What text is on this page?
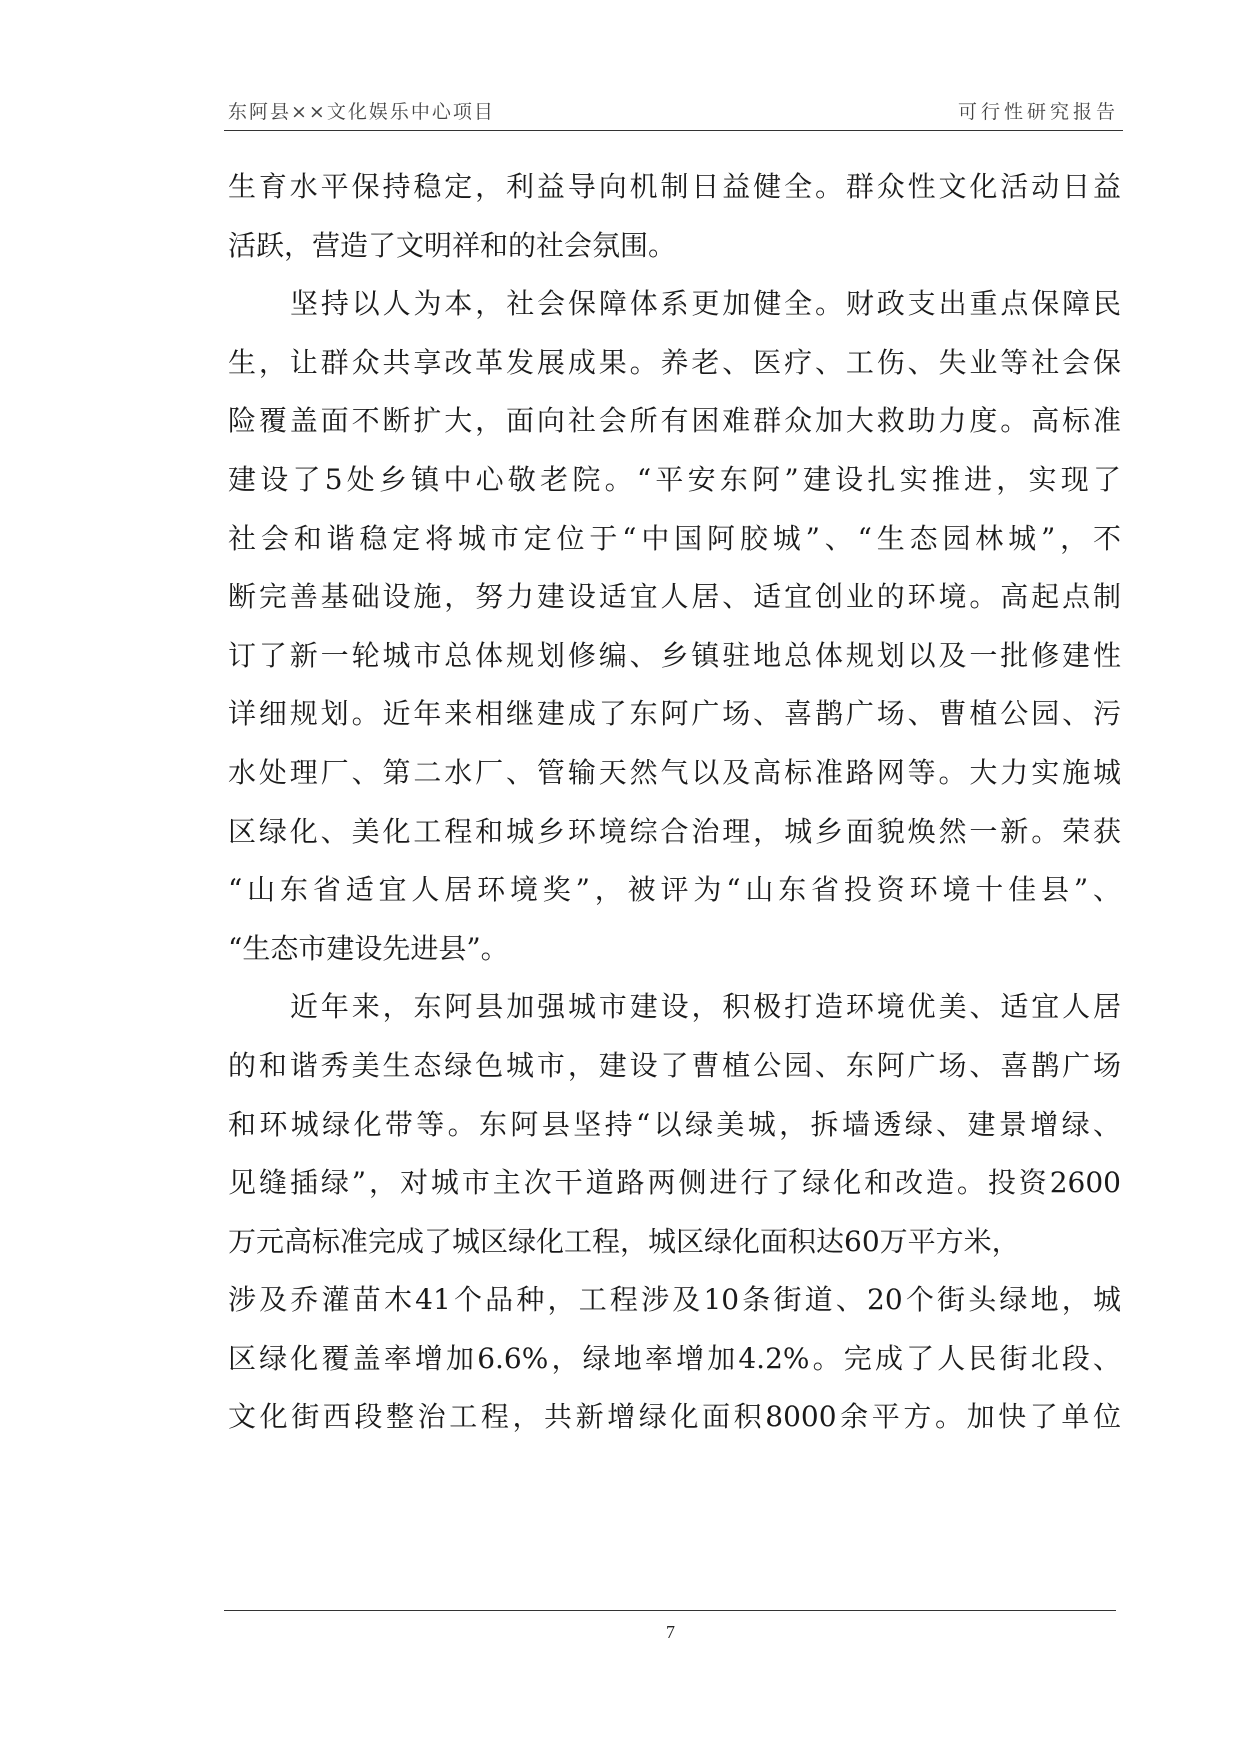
东阿县××文化娱乐中心项目	可行性研究报告
生育水平保持稳定，利益导向机制日益健全。群众性文化活动日益
活跃，营造了文明祥和的社会氛围。
坚持以人为本，社会保障体系更加健全。财政支出重点保障民
生，让群众共享改革发展成果。养老、医疗、工伤、失业等社会保
险覆盖面不断扩大，面向社会所有困难群众加大救助力度。高标准
建设了5处乡镇中心敬老院。“平安东阿”建设扎实推进，实现了
社会和谐稳定将城市定位于“中国阿胶城”、“生态园林城”，不
断完善基础设施，努力建设适宜人居、适宜创业的环境。高起点制
订了新一轮城市总体规划修编、乡镇驻地总体规划以及一批修建性
详细规划。近年来相继建成了东阿广场、喜鹊广场、曹植公园、污
水处理厂、第二水厂、管输天然气以及高标准路网等。大力实施城
区绿化、美化工程和城乡环境综合治理，城乡面貌焕然一新。荣获
“山东省适宜人居环境奖”，被评为“山东省投资环境十佳县”、
“生态市建设先进县”。
近年来，东阿县加强城市建设，积极打造环境优美、适宜人居
的和谐秀美生态绿色城市，建设了曹植公园、东阿广场、喜鹊广场
和环城绿化带等。东阿县坚持“以绿美城，拆墙透绿、建景增绿、
见缝插绿”，对城市主次干道路两侧进行了绿化和改造。投资2600
万元高标准完成了城区绿化工程，城区绿化面积达60万平方米，
涉及乔灌苗木41个品种，工程涉及10条街道、20个街头绿地，城
区绿化覆盖率增加6.6%，绿地率增加4.2%。完成了人民街北段、
文化街西段整治工程，共新增绿化面积8000余平方。加快了单位
7
